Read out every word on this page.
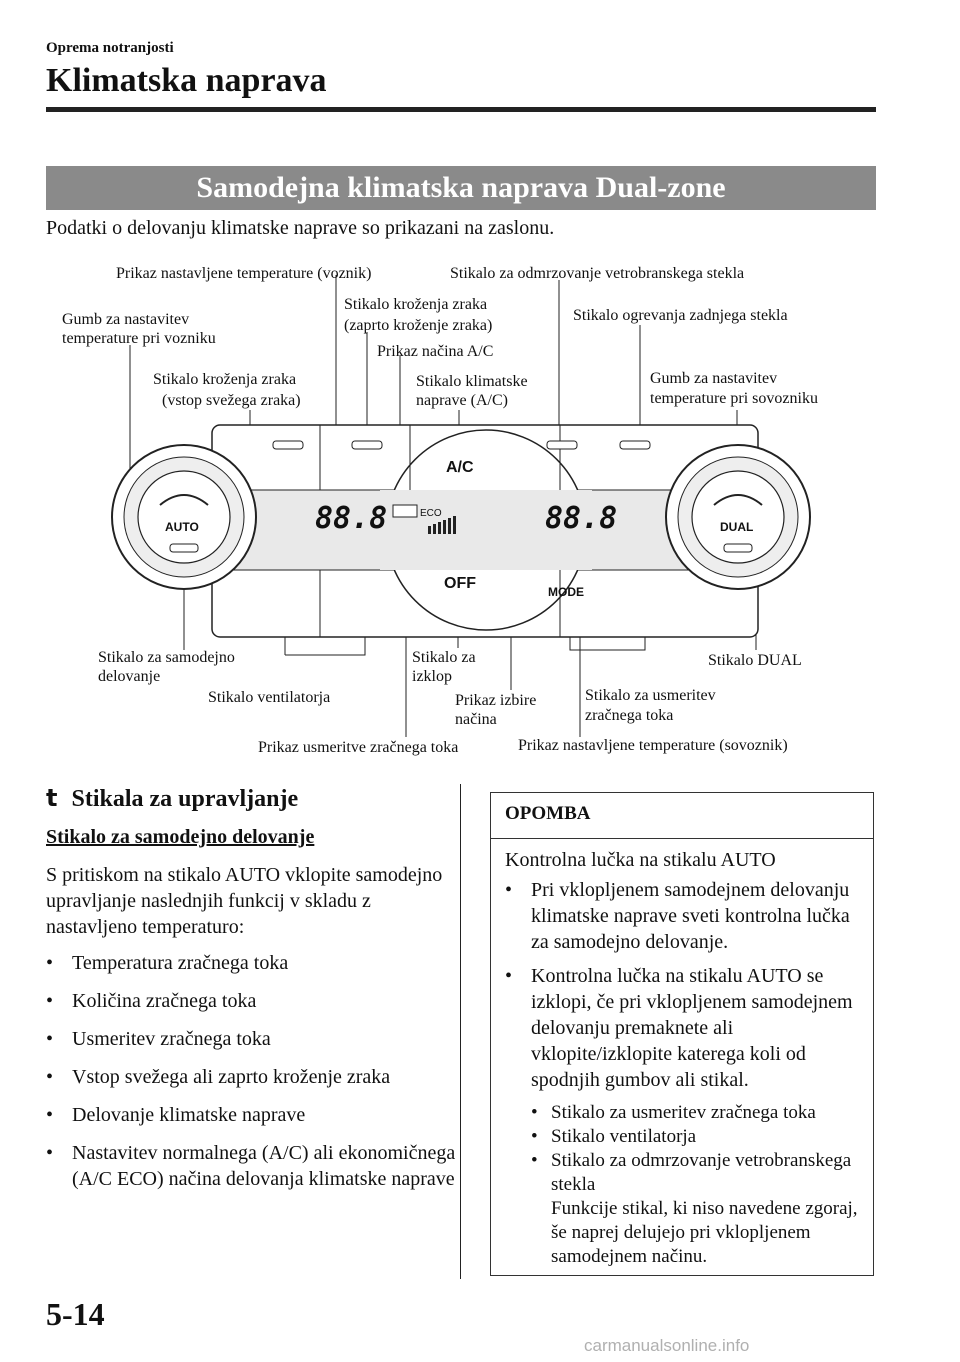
Oprema notranjosti
Klimatska naprava
Samodejna klimatska naprava Dual-zone
Podatki o delovanju klimatske naprave so prikazani na zaslonu.
AUTO	DUAL
A/C
OFF	MODE
ECO
88.8	88.8
Prikaz nastavljene temperature (voznik)	Stikalo za odmrzovanje vetrobranskega stekla
Gumb za nastavitev
temperature pri vozniku
Stikalo kroženja zraka
(zaprto kroženje zraka)
Stikalo ogrevanja zadnjega stekla
Prikaz načina A/C
Stikalo kroženja zraka
(vstop svežega zraka)
Stikalo klimatske
naprave (A/C)
Gumb za nastavitev
temperature pri sovozniku
Stikalo za samodejno
delovanje
Stikalo za
izklop
Stikalo DUAL
Stikalo ventilatorja	Prikaz izbire
načina
Stikalo za usmeritev
zračnega toka
Prikaz usmeritve zračnega toka	Prikaz nastavljene temperature (sovoznik)
t Stikala za upravljanje
Stikalo za samodejno delovanje
S pritiskom na stikalo AUTO vklopite samodejno upravljanje naslednjih funkcij v skladu z nastavljeno temperaturo:
• Temperatura zračnega toka
• Količina zračnega toka
• Usmeritev zračnega toka
• Vstop svežega ali zaprto kroženje zraka
• Delovanje klimatske naprave
• Nastavitev normalnega (A/C) ali ekonomičnega (A/C ECO) načina delovanja klimatske naprave
OPOMBA
Kontrolna lučka na stikalu AUTO
• Pri vklopljenem samodejnem delovanju klimatske naprave sveti kontrolna lučka za samodejno delovanje.
• Kontrolna lučka na stikalu AUTO se izklopi, če pri vklopljenem samodejnem delovanju premaknete ali vklopite/izklopite katerega koli od spodnjih gumbov ali stikal.
• Stikalo za usmeritev zračnega toka
• Stikalo ventilatorja
• Stikalo za odmrzovanje vetrobranskega stekla
Funkcije stikal, ki niso navedene zgoraj, še naprej delujejo pri vklopljenem samodejnem načinu.
5-14
carmanualsonline.info
